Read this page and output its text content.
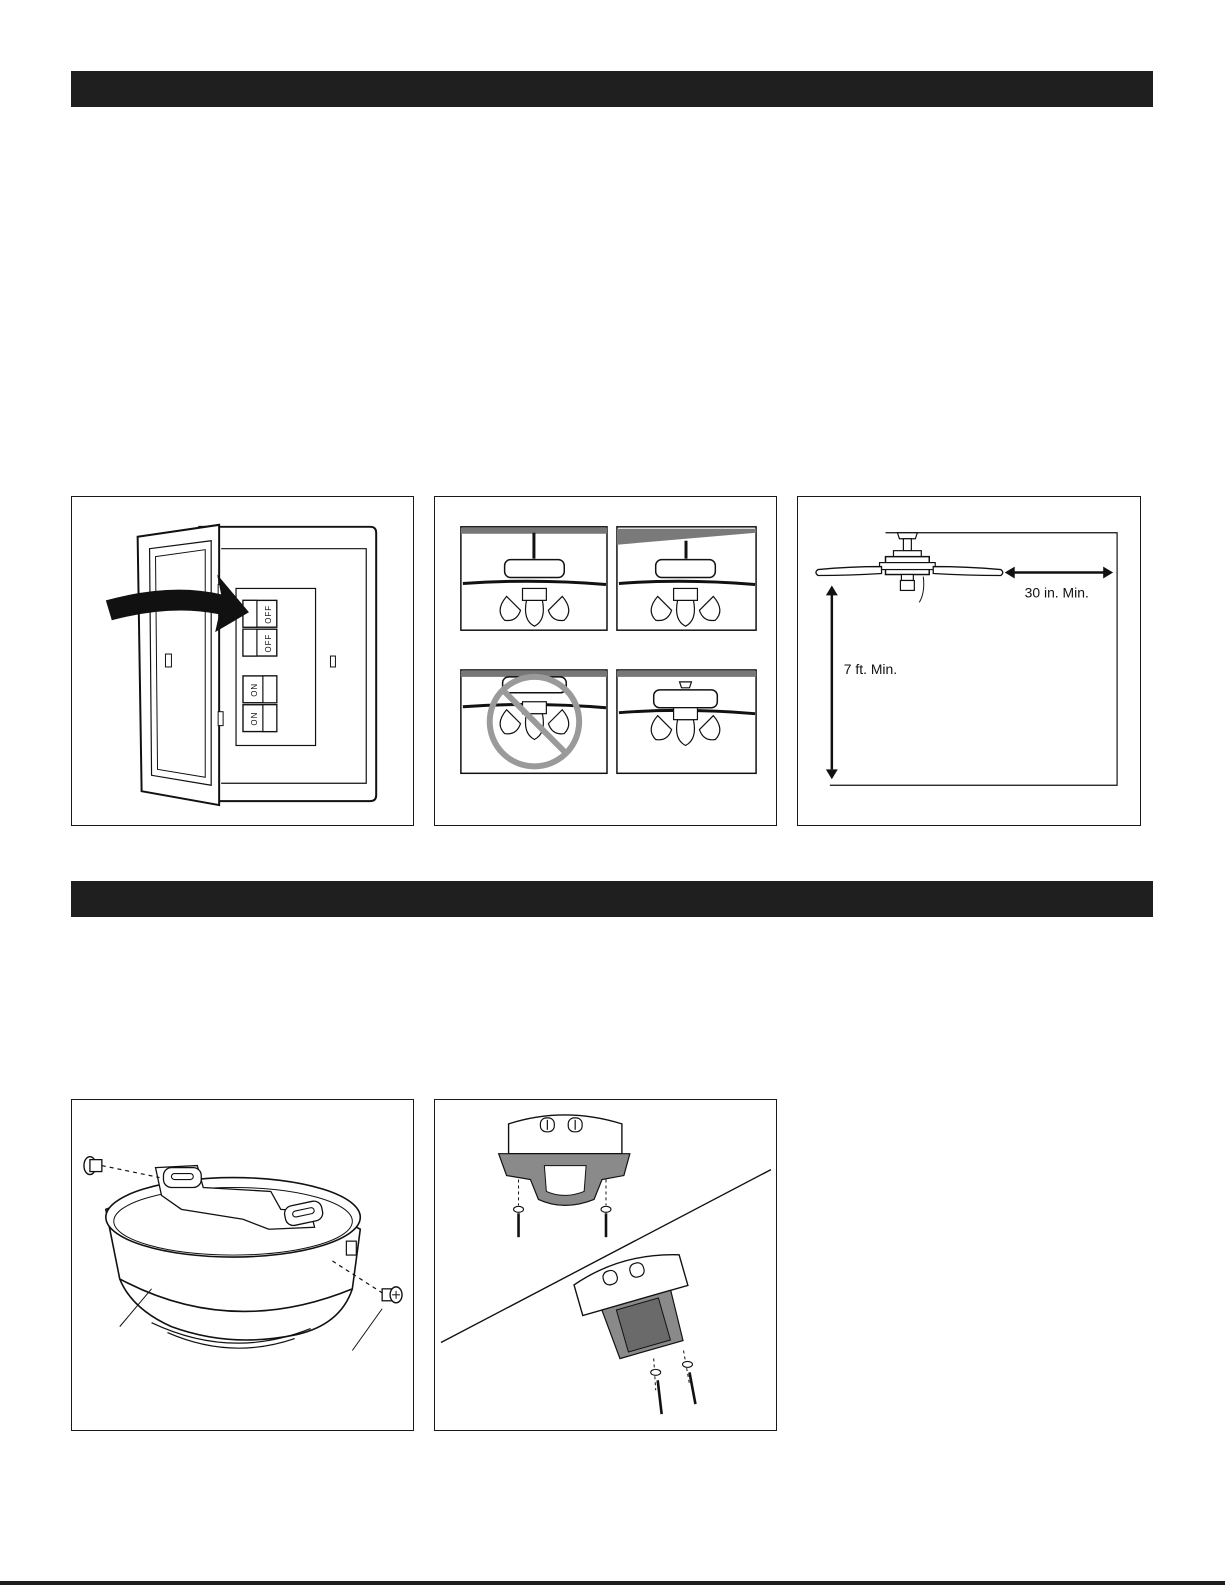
OFF
OFF
ON
ON
30 in. Min.
7 ft. Min.
